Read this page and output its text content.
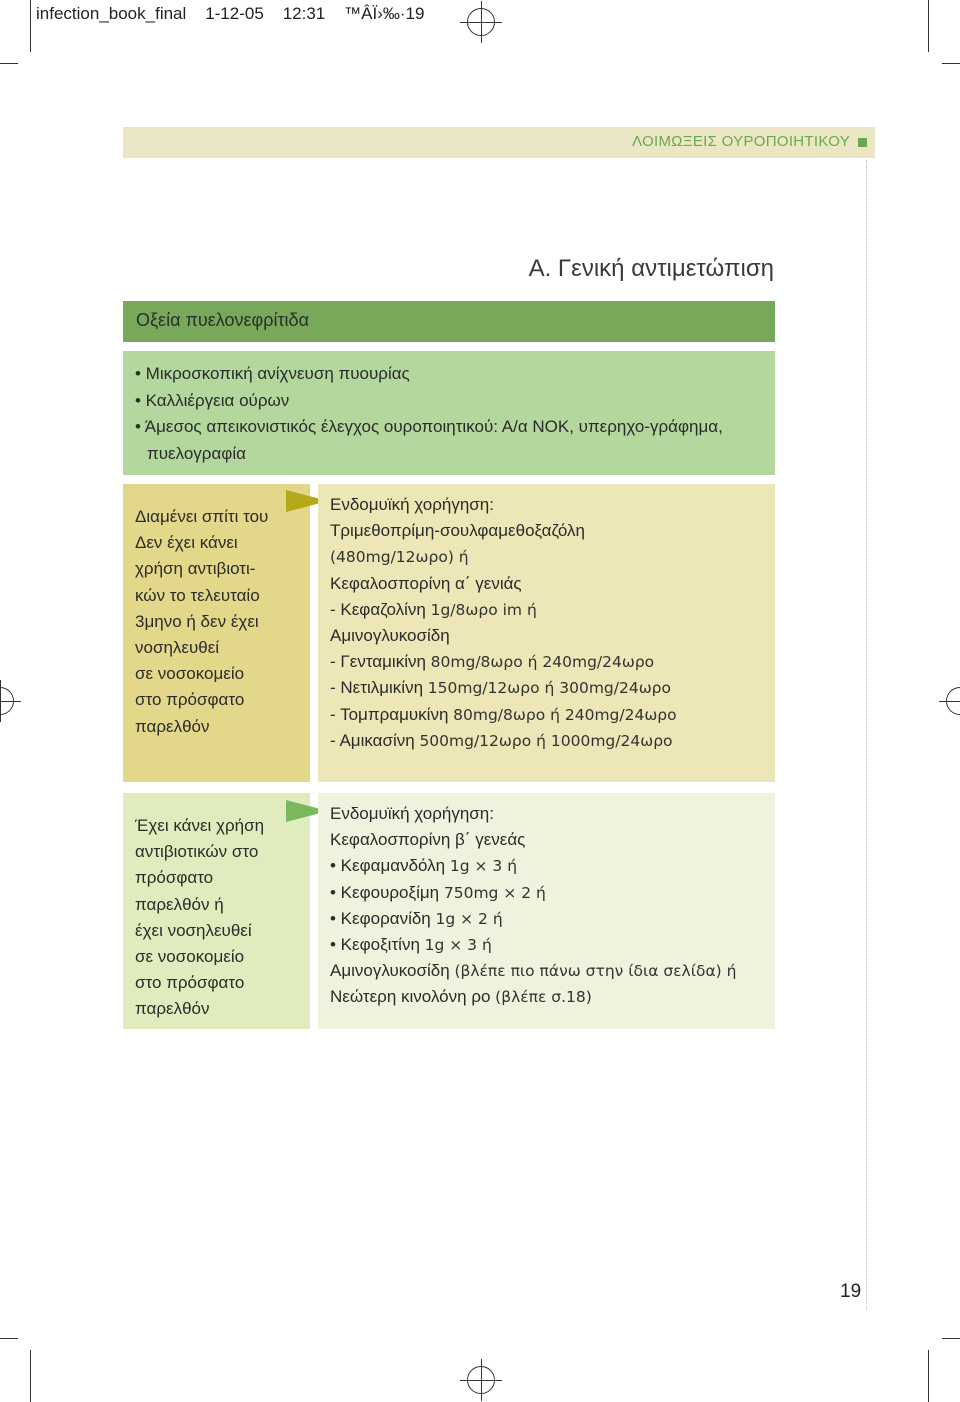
infection_book_final 1-12-05 12:31 ™ÂÏ›‰·19
ΛΟΙΜΩΞΕΙΣ ΟΥΡΟΠΟΙΗΤΙΚΟΥ
Α. Γενική αντιμετώπιση
Οξεία πυελονεφρίτιδα
• Μικροσκοπική ανίχνευση πυουρίας
• Καλλιέργεια ούρων
• Άμεσος απεικονιστικός έλεγχος ουροποιητικού: Α/α ΝΟΚ, υπερηχο-γράφημα, πυελογραφία
Διαμένει σπίτι του
Δεν έχει κάνει
χρήση αντιβιοτι-
κών το τελευταίο
3μηνο ή δεν έχει
νοσηλευθεί
σε νοσοκομείο
στο πρόσφατο
παρελθόν
Ενδομυϊκή χορήγηση:
Τριμεθοπρίμη-σουλφαμεθοξαζόλη
(480mg/12ωρο) ή
Κεφαλοσπορίνη α΄ γενιάς
- Κεφαζολίνη 1g/8ωρο im ή
Αμινογλυκοσίδη
- Γενταμικίνη 80mg/8ωρο ή 240mg/24ωρο
- Νετιλμικίνη 150mg/12ωρο ή 300mg/24ωρο
- Τομπραμυκίνη 80mg/8ωρο ή 240mg/24ωρο
- Αμικασίνη 500mg/12ωρο ή 1000mg/24ωρο
Έχει κάνει χρήση
αντιβιοτικών στο
πρόσφατο
παρελθόν ή
έχει νοσηλευθεί
σε νοσοκομείο
στο πρόσφατο
παρελθόν
Ενδομυϊκή χορήγηση:
Κεφαλοσπορίνη β΄ γενεάς
• Κεφαμανδόλη 1g × 3 ή
• Κεφουροξίμη 750mg × 2 ή
• Κεφορανίδη 1g × 2 ή
• Κεφοξιτίνη 1g × 3 ή
Αμινογλυκοσίδη (βλέπε πιο πάνω στην ίδια σελίδα) ή
Νεώτερη κινολόνη ρο (βλέπε σ.18)
19
